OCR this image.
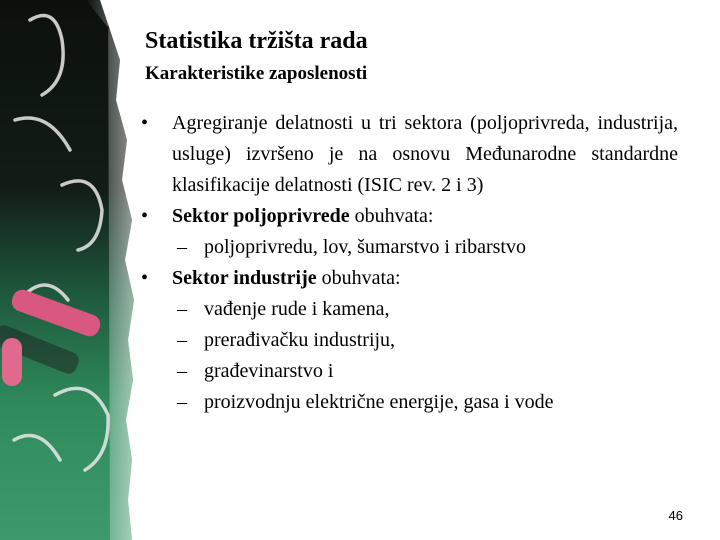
Statistika tržišta rada
Karakteristike zaposlenosti
• Agregiranje delatnosti u tri sektora (poljoprivreda, industrija, usluge) izvršeno je na osnovu Međunarodne standardne klasifikacije delatnosti (ISIC rev. 2 i 3)
• Sektor poljoprivrede obuhvata:
– poljoprivredu, lov, šumarstvo i ribarstvo
• Sektor industrije obuhvata:
– vađenje rude i kamena,
– prerađivačku industriju,
– građevinarstvo i
– proizvodnju električne energije, gasa i vode
46
